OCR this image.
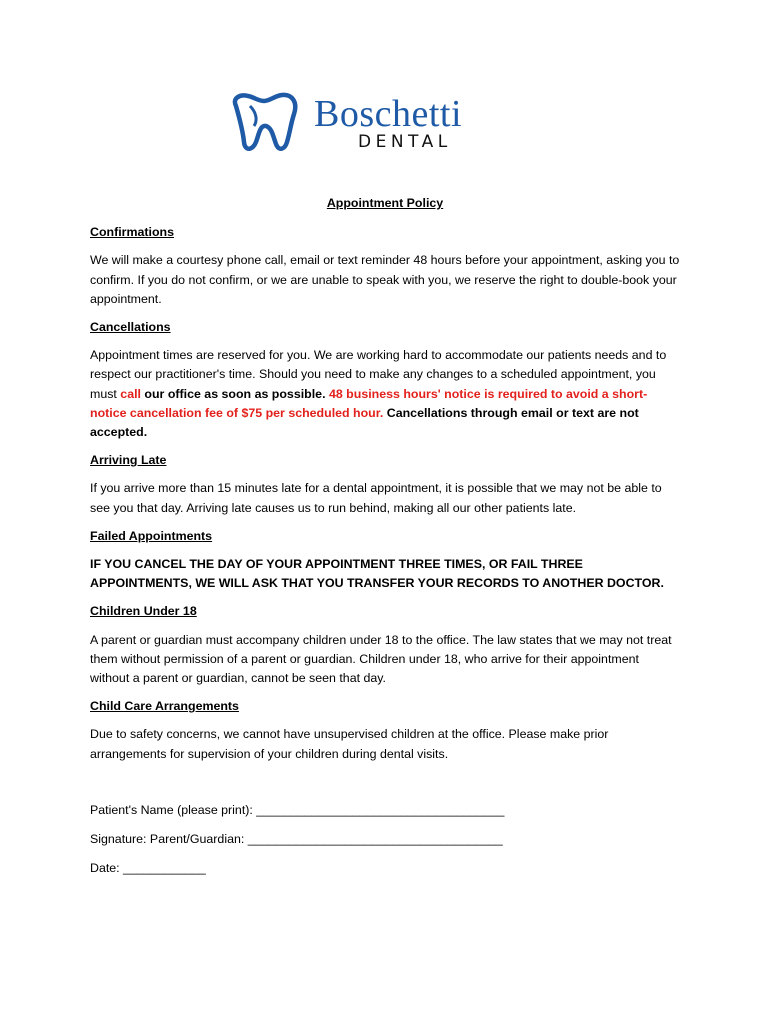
Boschetti
DENTAL
Appointment Policy
Confirmations
We will make a courtesy phone call, email or text reminder 48 hours before your appointment, asking you to confirm. If you do not confirm, or we are unable to speak with you, we reserve the right to double-book your appointment.
Cancellations
Appointment times are reserved for you. We are working hard to accommodate our patients needs and to respect our practitioner's time. Should you need to make any changes to a scheduled appointment, you must call our office as soon as possible. 48 business hours' notice is required to avoid a short-notice cancellation fee of $75 per scheduled hour. Cancellations through email or text are not accepted.
Arriving Late
If you arrive more than 15 minutes late for a dental appointment, it is possible that we may not be able to see you that day. Arriving late causes us to run behind, making all our other patients late.
Failed Appointments
IF YOU CANCEL THE DAY OF YOUR APPOINTMENT THREE TIMES, OR FAIL THREE APPOINTMENTS, WE WILL ASK THAT YOU TRANSFER YOUR RECORDS TO ANOTHER DOCTOR.
Children Under 18
A parent or guardian must accompany children under 18 to the office. The law states that we may not treat them without permission of a parent or guardian. Children under 18, who arrive for their appointment without a parent or guardian, cannot be seen that day.
Child Care Arrangements
Due to safety concerns, we cannot have unsupervised children at the office. Please make prior arrangements for supervision of your children during dental visits.
Patient's Name (please print): ____________________________________
Signature: Parent/Guardian: _____________________________________
Date: ____________
